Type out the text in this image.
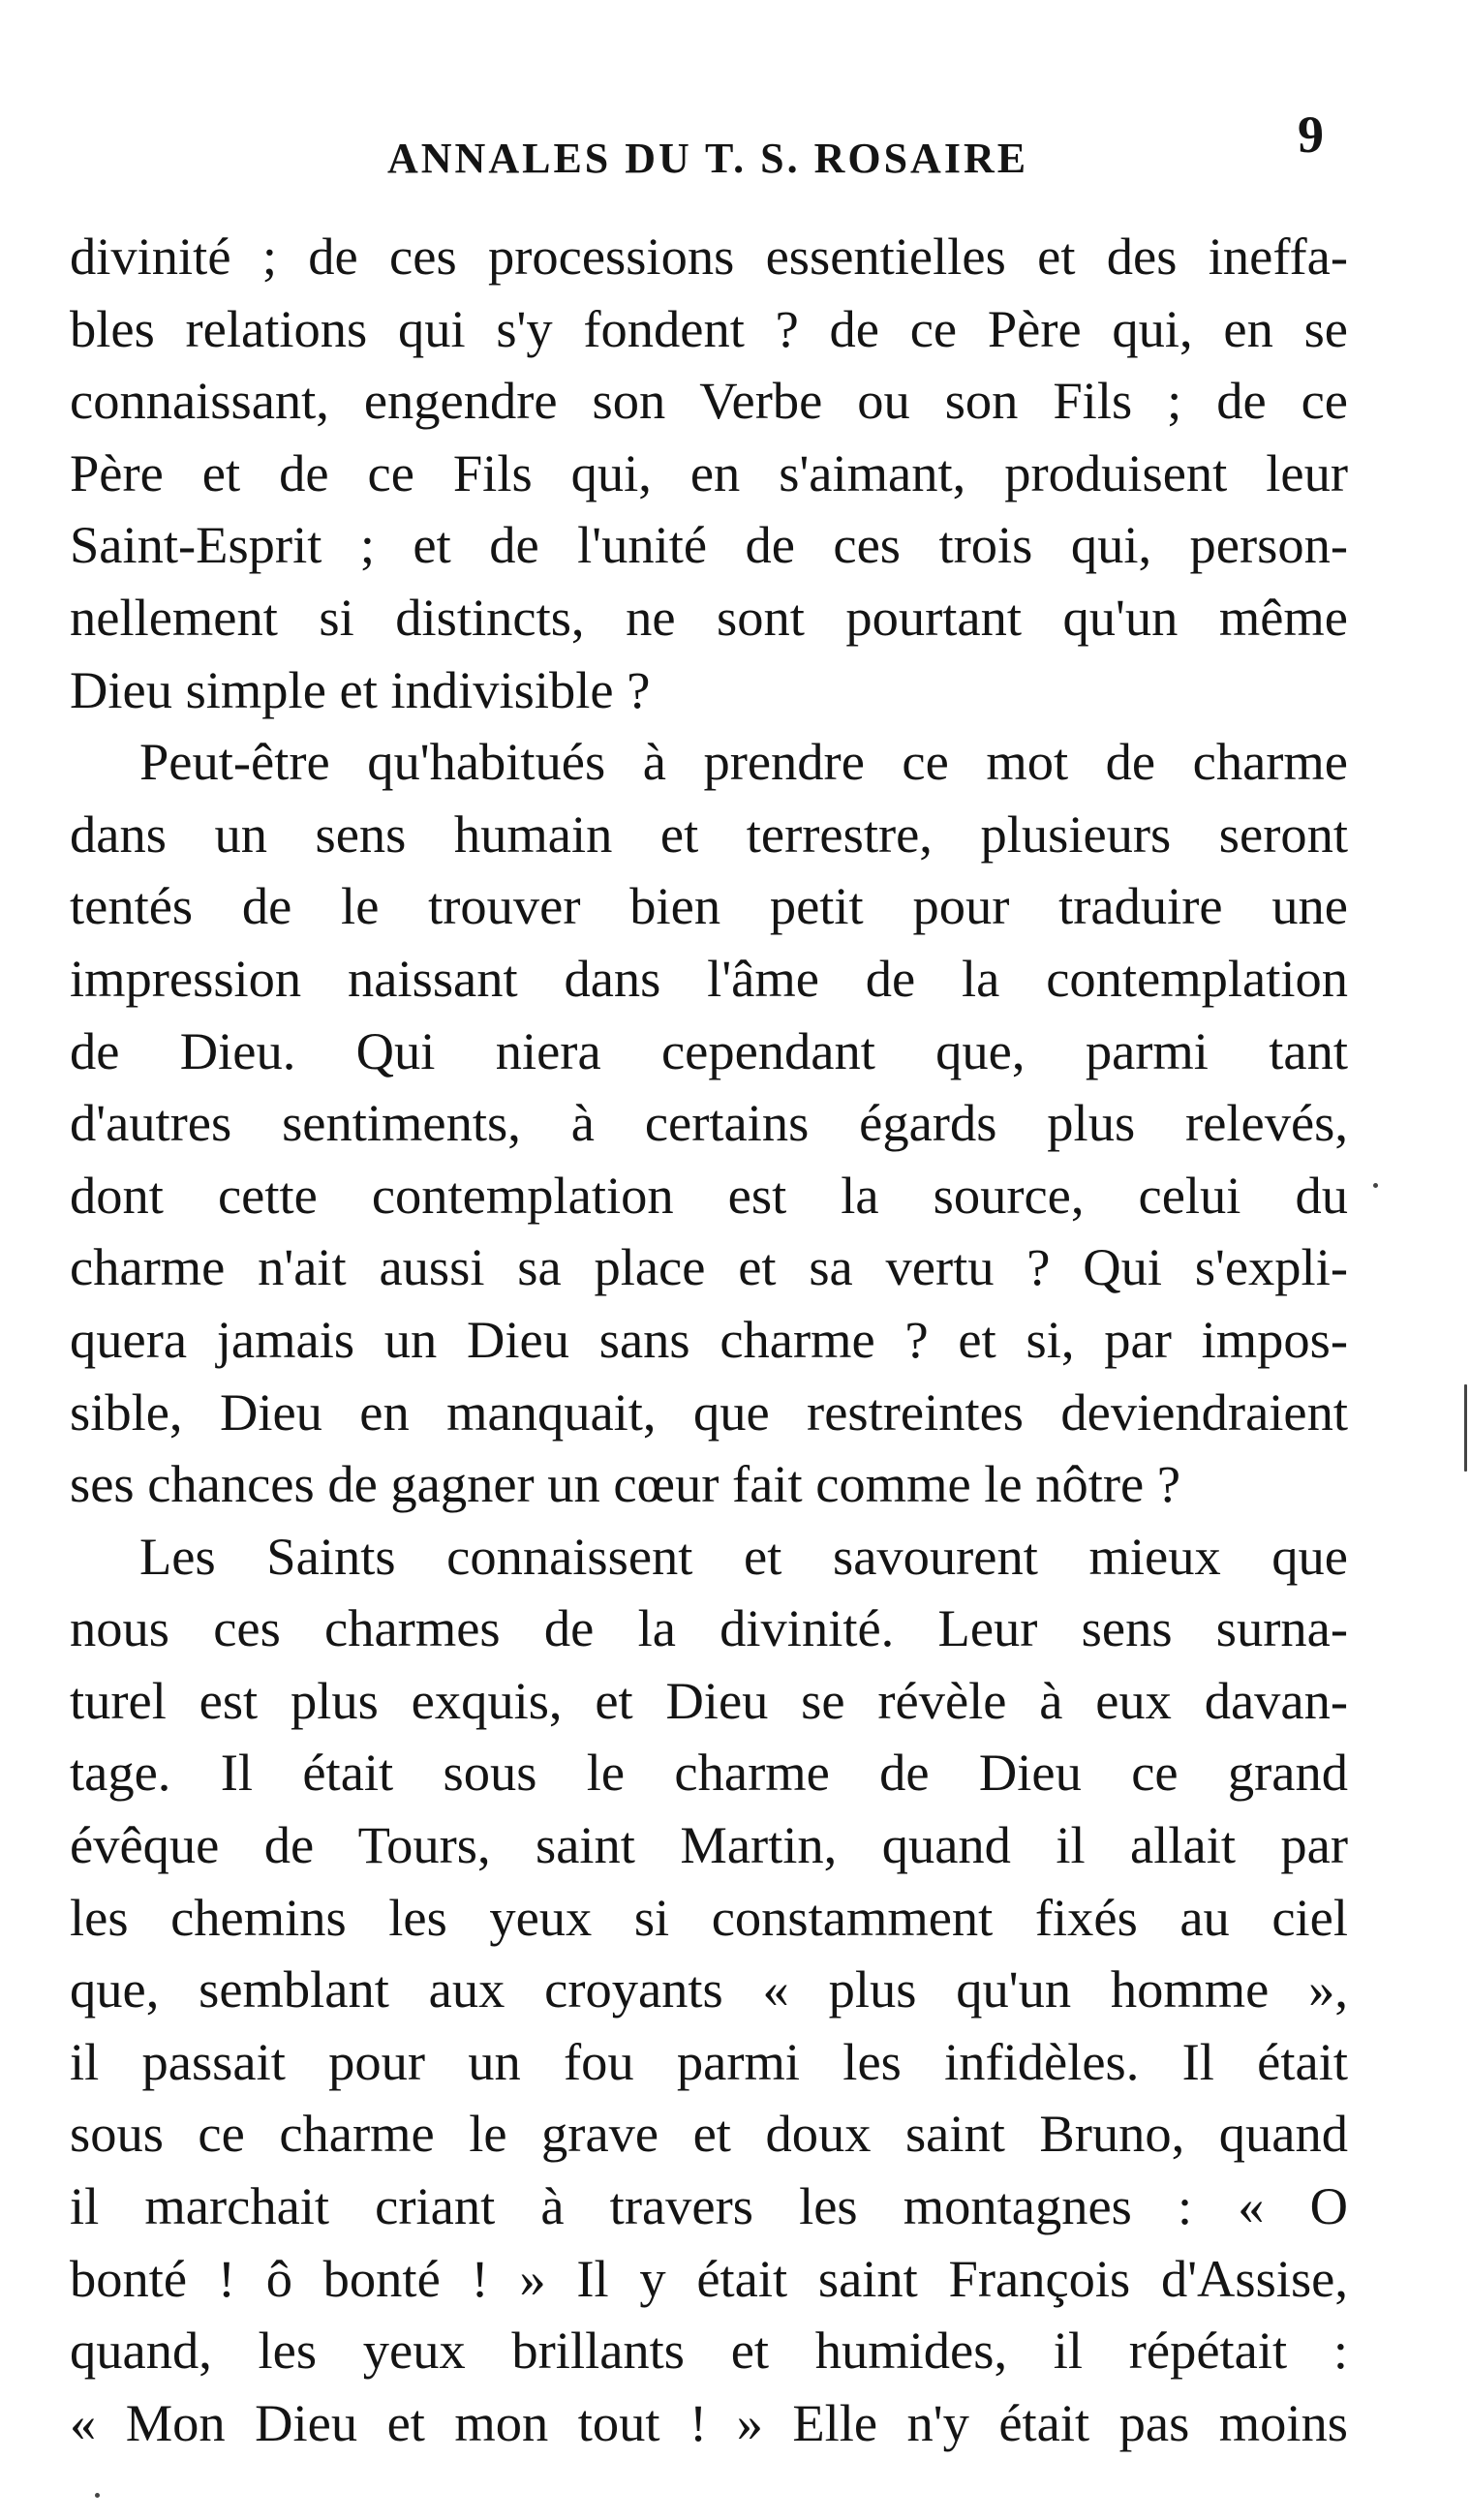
ANNALES DU T. S. ROSAIRE	9
divinité ; de ces processions essentielles et des ineffa-
bles relations qui s'y fondent ? de ce Père qui, en se
connaissant, engendre son Verbe ou son Fils ; de ce
Père et de ce Fils qui, en s'aimant, produisent leur
Saint-Esprit ; et de l'unité de ces trois qui, person-
nellement si distincts, ne sont pourtant qu'un même
Dieu simple et indivisible ?
Peut-être qu'habitués à prendre ce mot de charme
dans un sens humain et terrestre, plusieurs seront
tentés de le trouver bien petit pour traduire une
impression naissant dans l'âme de la contemplation
de Dieu. Qui niera cependant que, parmi tant
d'autres sentiments, à certains égards plus relevés,
dont cette contemplation est la source, celui du
charme n'ait aussi sa place et sa vertu ? Qui s'expli-
quera jamais un Dieu sans charme ? et si, par impos-
sible, Dieu en manquait, que restreintes deviendraient
ses chances de gagner un cœur fait comme le nôtre ?
Les Saints connaissent et savourent mieux que
nous ces charmes de la divinité. Leur sens surna-
turel est plus exquis, et Dieu se révèle à eux davan-
tage. Il était sous le charme de Dieu ce grand
évêque de Tours, saint Martin, quand il allait par
les chemins les yeux si constamment fixés au ciel
que, semblant aux croyants « plus qu'un homme »,
il passait pour un fou parmi les infidèles. Il était
sous ce charme le grave et doux saint Bruno, quand
il marchait criant à travers les montagnes : « O
bonté ! ô bonté ! » Il y était saint François d'Assise,
quand, les yeux brillants et humides, il répétait :
« Mon Dieu et mon tout ! » Elle n'y était pas moins
